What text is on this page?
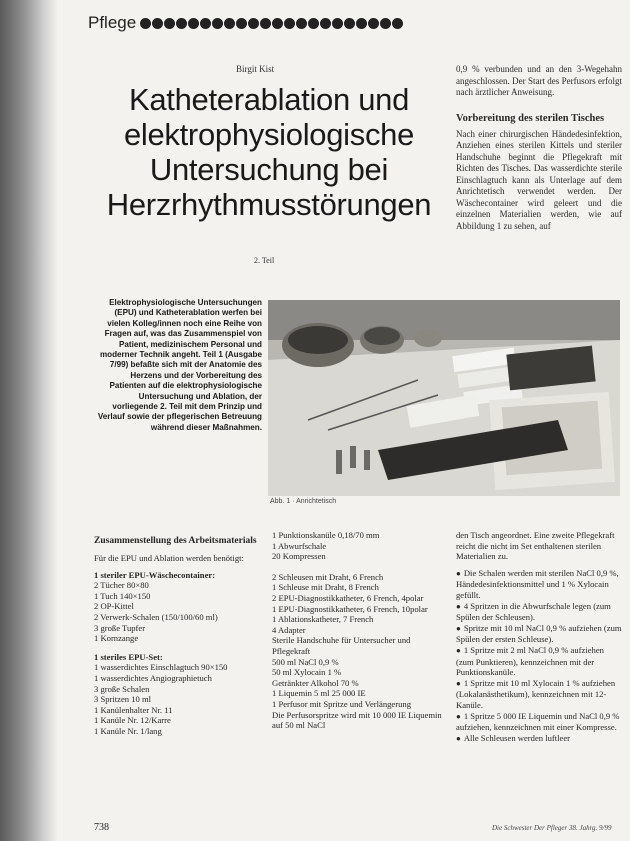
Pflege
Birgit Kist
Katheterablation und
elektrophysiologische
Untersuchung bei
Herzrhythmusstörungen
2. Teil
Elektrophysiologische Untersuchungen (EPU) und Katheterablation werfen bei vielen Kolleg/innen noch eine Reihe von Fragen auf, was das Zusammenspiel von Patient, medizinischem Personal und moderner Technik angeht. Teil 1 (Ausgabe 7/99) befaßte sich mit der Anatomie des Herzens und der Vorbereitung des Patienten auf die elektrophysiologische Untersuchung und Ablation, der vorliegende 2. Teil mit dem Prinzip und Verlauf sowie der pflegerischen Betreuung während dieser Maßnahmen.

0,9 % verbunden und an den 3-Wegehahn angeschlossen. Der Start des Perfusors erfolgt nach ärztlicher Anweisung.

Vorbereitung des sterilen Tisches

Nach einer chirurgischen Händedesinfektion, Anziehen eines sterilen Kittels und steriler Handschuhe beginnt die Pflegekraft mit Richten des Tisches. Das wasserdichte sterile Einschlagtuch kann als Unterlage auf dem Anrichtetisch verwendet werden. Der Wäschecontainer wird geleert und die einzelnen Materialien werden, wie auf Abbildung 1 zu sehen, auf

Abb. 1 · Anrichtetisch
Zusammenstellung des Arbeitsmaterials

Für die EPU und Ablation werden benötigt:

1 steriler EPU-Wäschecontainer:
2 Tücher 80×80
1 Tuch 140×150
2 OP-Kittel
2 Verwerk-Schalen (150/100/60 ml)
3 große Tupfer
1 Kornzange
1 steriles EPU-Set:
1 wasserdichtes Einschlagtuch 90×150
1 wasserdichtes Angiographietuch
3 große Schalen
3 Spritzen 10 ml
1 Kanülenhalter Nr. 11
1 Kanüle Nr. 12/Karre
1 Kanüle Nr. 1/lang
1 Punktionskanüle 0,18/70 mm
1 Abwurfschale
20 Kompressen
2 Schleusen mit Draht, 6 French
1 Schleuse mit Draht, 8 French
2 EPU-Diagnostikkatheter, 6 French, 4polar
1 EPU-Diagnostikkatheter, 6 French, 10polar
1 Ablationskatheter, 7 French
4 Adapter
Sterile Handschuhe für Untersucher und Pflegekraft
500 ml NaCl 0,9 %
50 ml Xylocain 1 %
Getränkter Alkohol 70 %
1 Liquemin 5 ml 25 000 IE
1 Perfusor mit Spritze und Verlängerung
Die Perfusorspritze wird mit 10 000 IE Liquemin auf 50 ml NaCl

den Tisch angeordnet. Eine zweite Pflegekraft reicht die nicht im Set enthaltenen sterilen Materialien zu.

● Die Schalen werden mit sterilen NaCl 0,9 %, Händedesinfektionsmittel und 1 % Xylocain gefüllt.
● 4 Spritzen in die Abwurfschale legen (zum Spülen der Schleusen).
● Spritze mit 10 ml NaCl 0,9 % aufziehen (zum Spülen der ersten Schleuse).
● 1 Spritze mit 2 ml NaCl 0,9 % aufziehen (zum Punktieren), kennzeichnen mit der Punktionskanüle.
● 1 Spritze mit 10 ml Xylocain 1 % aufziehen (Lokalanästhetikum), kennzeichnen mit 12-Kanüle.
● 1 Spritze 5 000 IE Liquemin und NaCl 0,9 % aufziehen, kennzeichnen mit einer Kompresse.
● Alle Schleusen werden luftleer
738	Die Schwester Der Pfleger 38. Jahrg. 9/99
